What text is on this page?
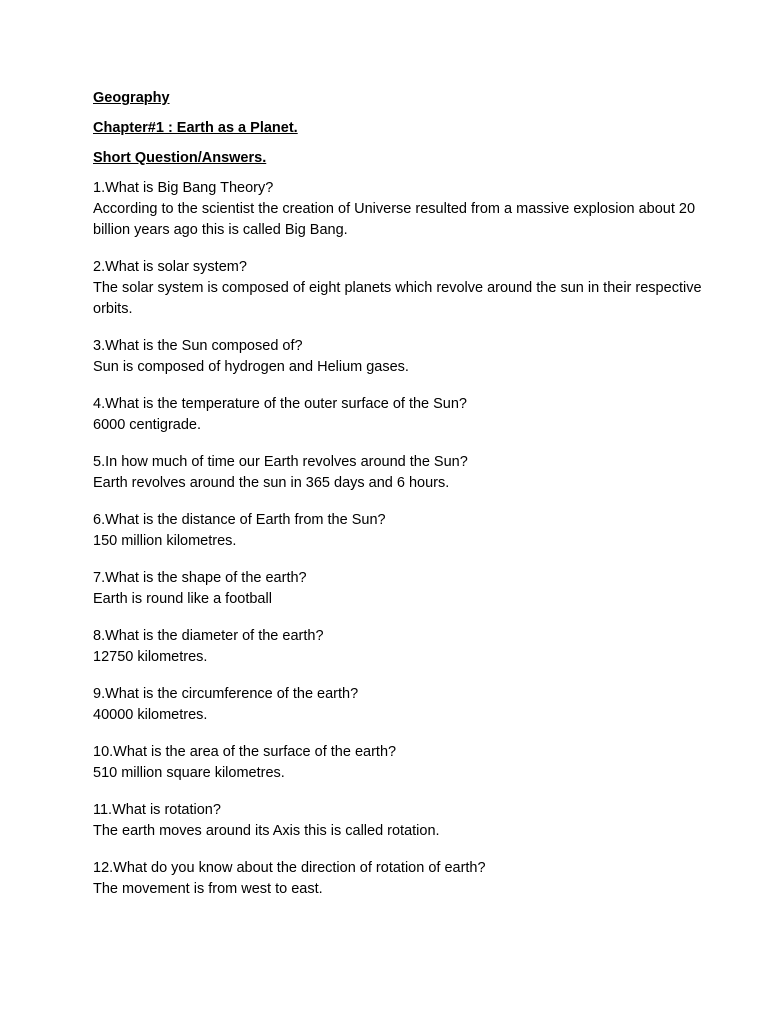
Geography

Chapter#1 : Earth as a Planet.

Short Question/Answers.

1.What is Big Bang Theory?

According to the scientist the creation of Universe resulted from a massive explosion about 20 billion years ago this is called Big Bang.

2.What is solar system?

The solar system is composed of eight planets which revolve around the sun in their respective orbits.

3.What is the Sun composed of?

Sun is composed of hydrogen and Helium gases.

4.What is the temperature of the outer surface of the Sun?

6000 centigrade.

5.In how much of time our Earth revolves around the Sun?

Earth revolves around the sun in 365 days and 6 hours.

6.What is the distance of Earth from the Sun?

150 million kilometres.

7.What is the shape of the earth?

Earth is round like a football

8.What is the diameter of the earth?

12750 kilometres.

9.What is the circumference of the earth?

40000 kilometres.

10.What is the area of the surface of the earth?

510 million square kilometres.

11.What is rotation?

The earth moves around its Axis this is called rotation.

12.What do you know about the direction of rotation of earth?

The movement is from west to east.
